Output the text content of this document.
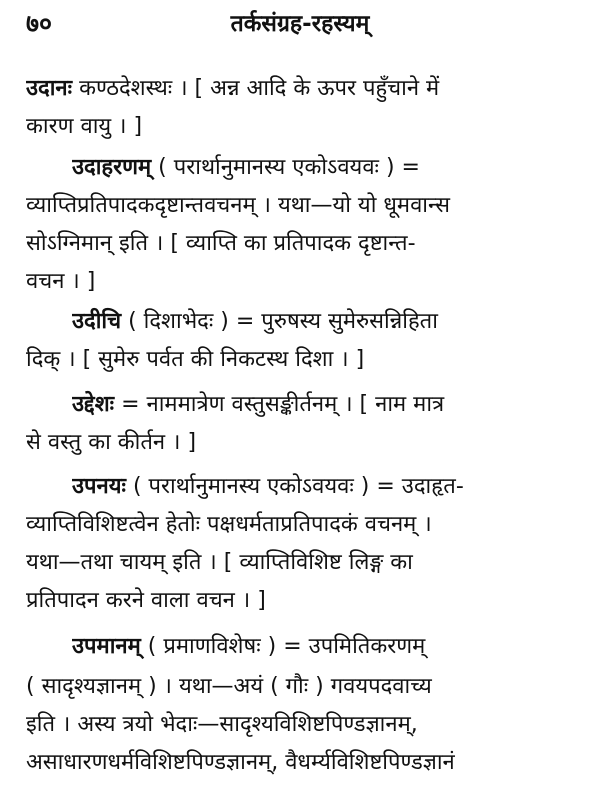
७०	तर्कसंग्रह-रहस्यम्
उदानः कण्ठदेशस्थः । [ अन्न आदि के ऊपर पहुँचाने में
कारण वायु । ]
उदाहरणम् ( परार्थानुमानस्य एकोऽवयवः ) =
व्याप्तिप्रतिपादकदृष्टान्तवचनम् । यथा—यो यो धूमवान्स
सोऽग्निमान् इति । [ व्याप्ति का प्रतिपादक दृष्टान्त-
वचन । ]
उदीचि ( दिशाभेदः ) = पुरुषस्य सुमेरुसन्निहिता
दिक् । [ सुमेरु पर्वत की निकटस्थ दिशा । ]
उद्देशः = नाममात्रेण वस्तुसङ्कीर्तनम् । [ नाम मात्र
से वस्तु का कीर्तन । ]
उपनयः ( परार्थानुमानस्य एकोऽवयवः ) = उदाहृत-
व्याप्तिविशिष्टत्वेन हेतोः पक्षधर्मताप्रतिपादकं वचनम् ।
यथा—तथा चायम् इति । [ व्याप्तिविशिष्ट लिङ्ग का
प्रतिपादन करने वाला वचन । ]
उपमानम् ( प्रमाणविशेषः ) = उपमितिकरणम्
( सादृश्यज्ञानम् ) । यथा—अयं ( गौः ) गवयपदवाच्य
इति । अस्य त्रयो भेदाः—सादृश्यविशिष्टपिण्डज्ञानम्,
असाधारणधर्मविशिष्टपिण्डज्ञानम्, वैधर्म्यविशिष्टपिण्डज्ञानं
